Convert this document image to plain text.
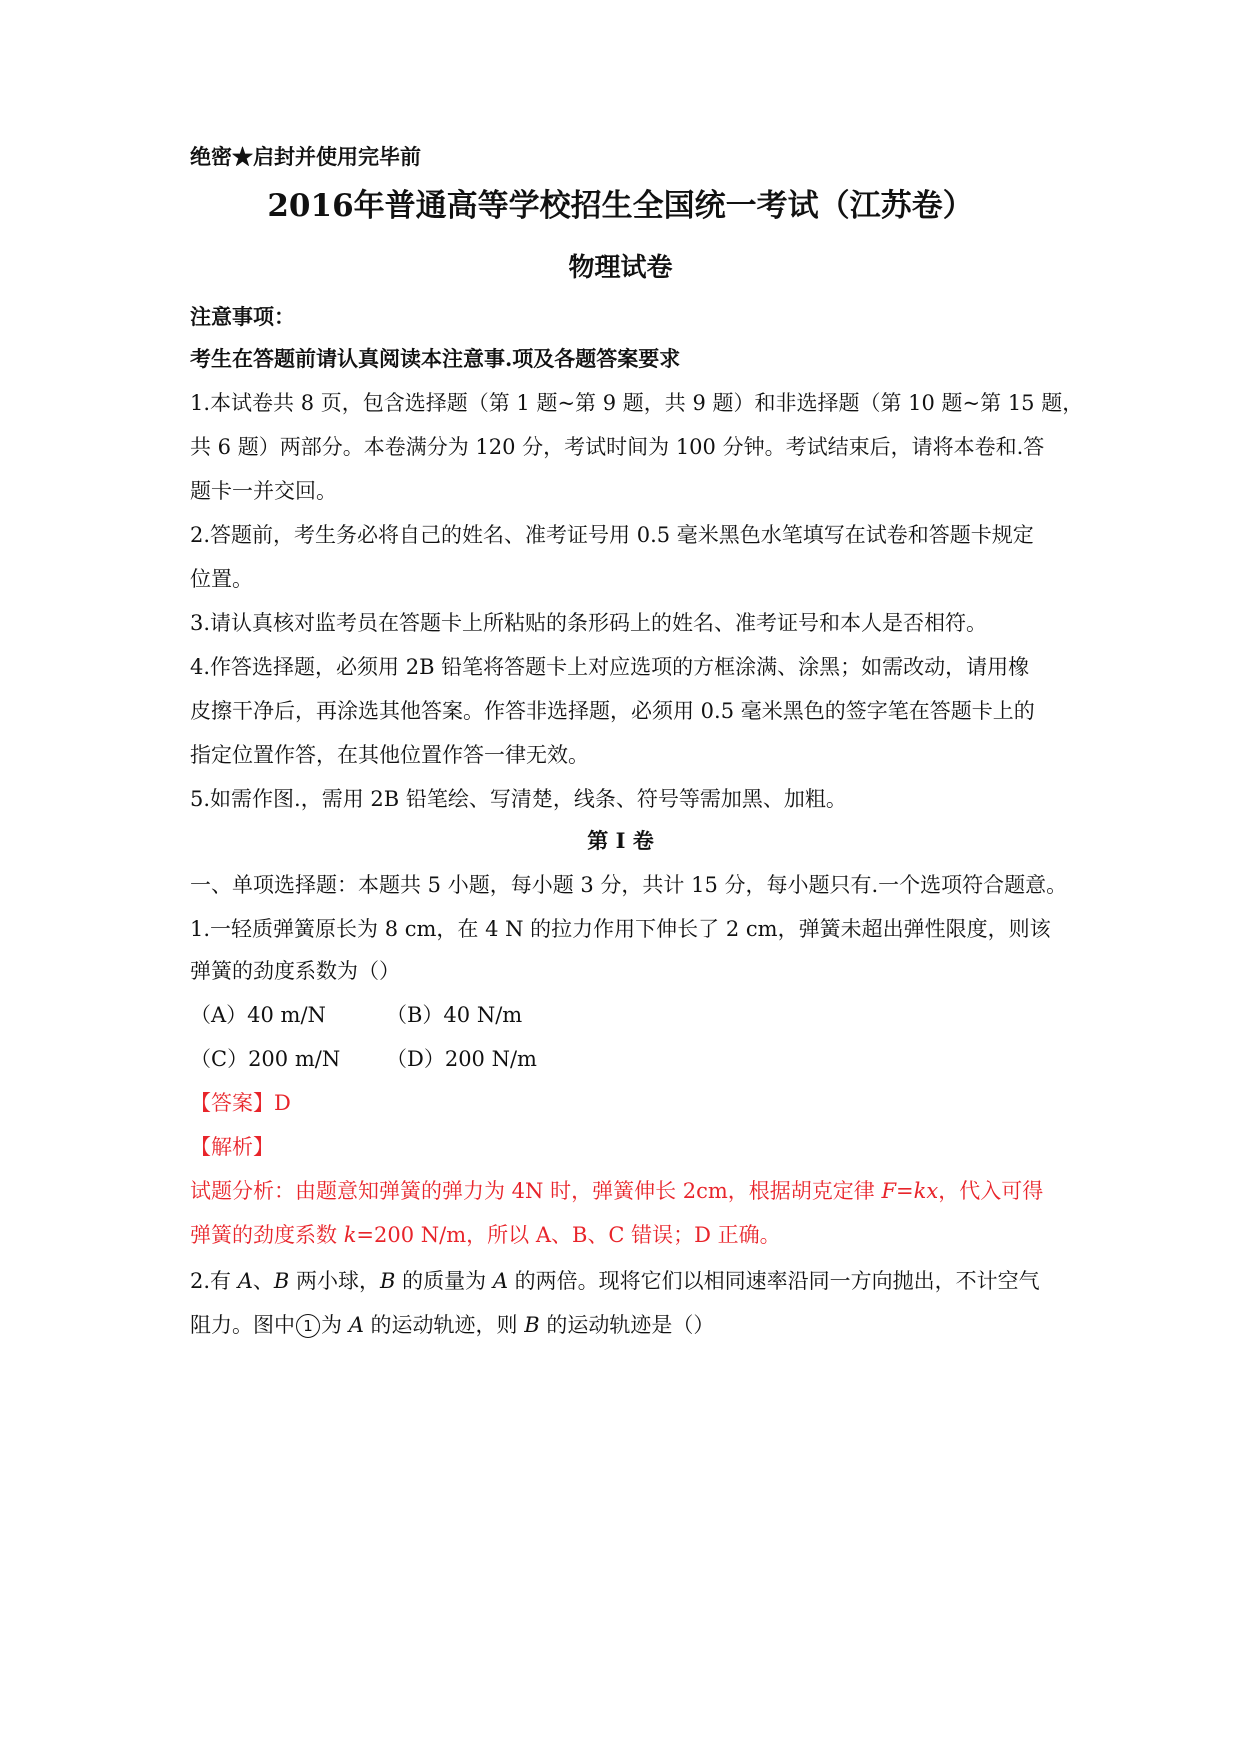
绝密★启封并使用完毕前
2016年普通高等学校招生全国统一考试（江苏卷）
物理试卷
注意事项：
考生在答题前请认真阅读本注意事.项及各题答案要求
1.本试卷共 8 页，包含选择题（第 1 题~第 9 题，共 9 题）和非选择题（第 10 题~第 15 题，
共 6 题）两部分。本卷满分为 120 分，考试时间为 100 分钟。考试结束后，请将本卷和.答
题卡一并交回。
2.答题前，考生务必将自己的姓名、准考证号用 0.5 毫米黑色水笔填写在试卷和答题卡规定
位置。
3.请认真核对监考员在答题卡上所粘贴的条形码上的姓名、准考证号和本人是否相符。
4.作答选择题，必须用 2B 铅笔将答题卡上对应选项的方框涂满、涂黑；如需改动，请用橡
皮擦干净后，再涂选其他答案。作答非选择题，必须用 0.5 毫米黑色的签字笔在答题卡上的
指定位置作答，在其他位置作答一律无效。
5.如需作图.，需用 2B 铅笔绘、写清楚，线条、符号等需加黑、加粗。
第 I 卷
一、单项选择题：本题共 5 小题，每小题 3 分，共计 15 分，每小题只有.一个选项符合题意。
1.一轻质弹簧原长为 8 cm，在 4 N 的拉力作用下伸长了 2 cm，弹簧未超出弹性限度，则该
弹簧的劲度系数为（）
（A）40 m/N	（B）40 N/m
（C）200 m/N （D）200 N/m
【答案】D
【解析】
试题分析：由题意知弹簧的弹力为 4N 时，弹簧伸长 2cm，根据胡克定律 F=kx，代入可得
弹簧的劲度系数 k=200 N/m，所以 A、B、C 错误；D 正确。
2.有 A、B 两小球，B 的质量为 A 的两倍。现将它们以相同速率沿同一方向抛出，不计空气
阻力。图中 1 为 A 的运动轨迹，则 B 的运动轨迹是（）
